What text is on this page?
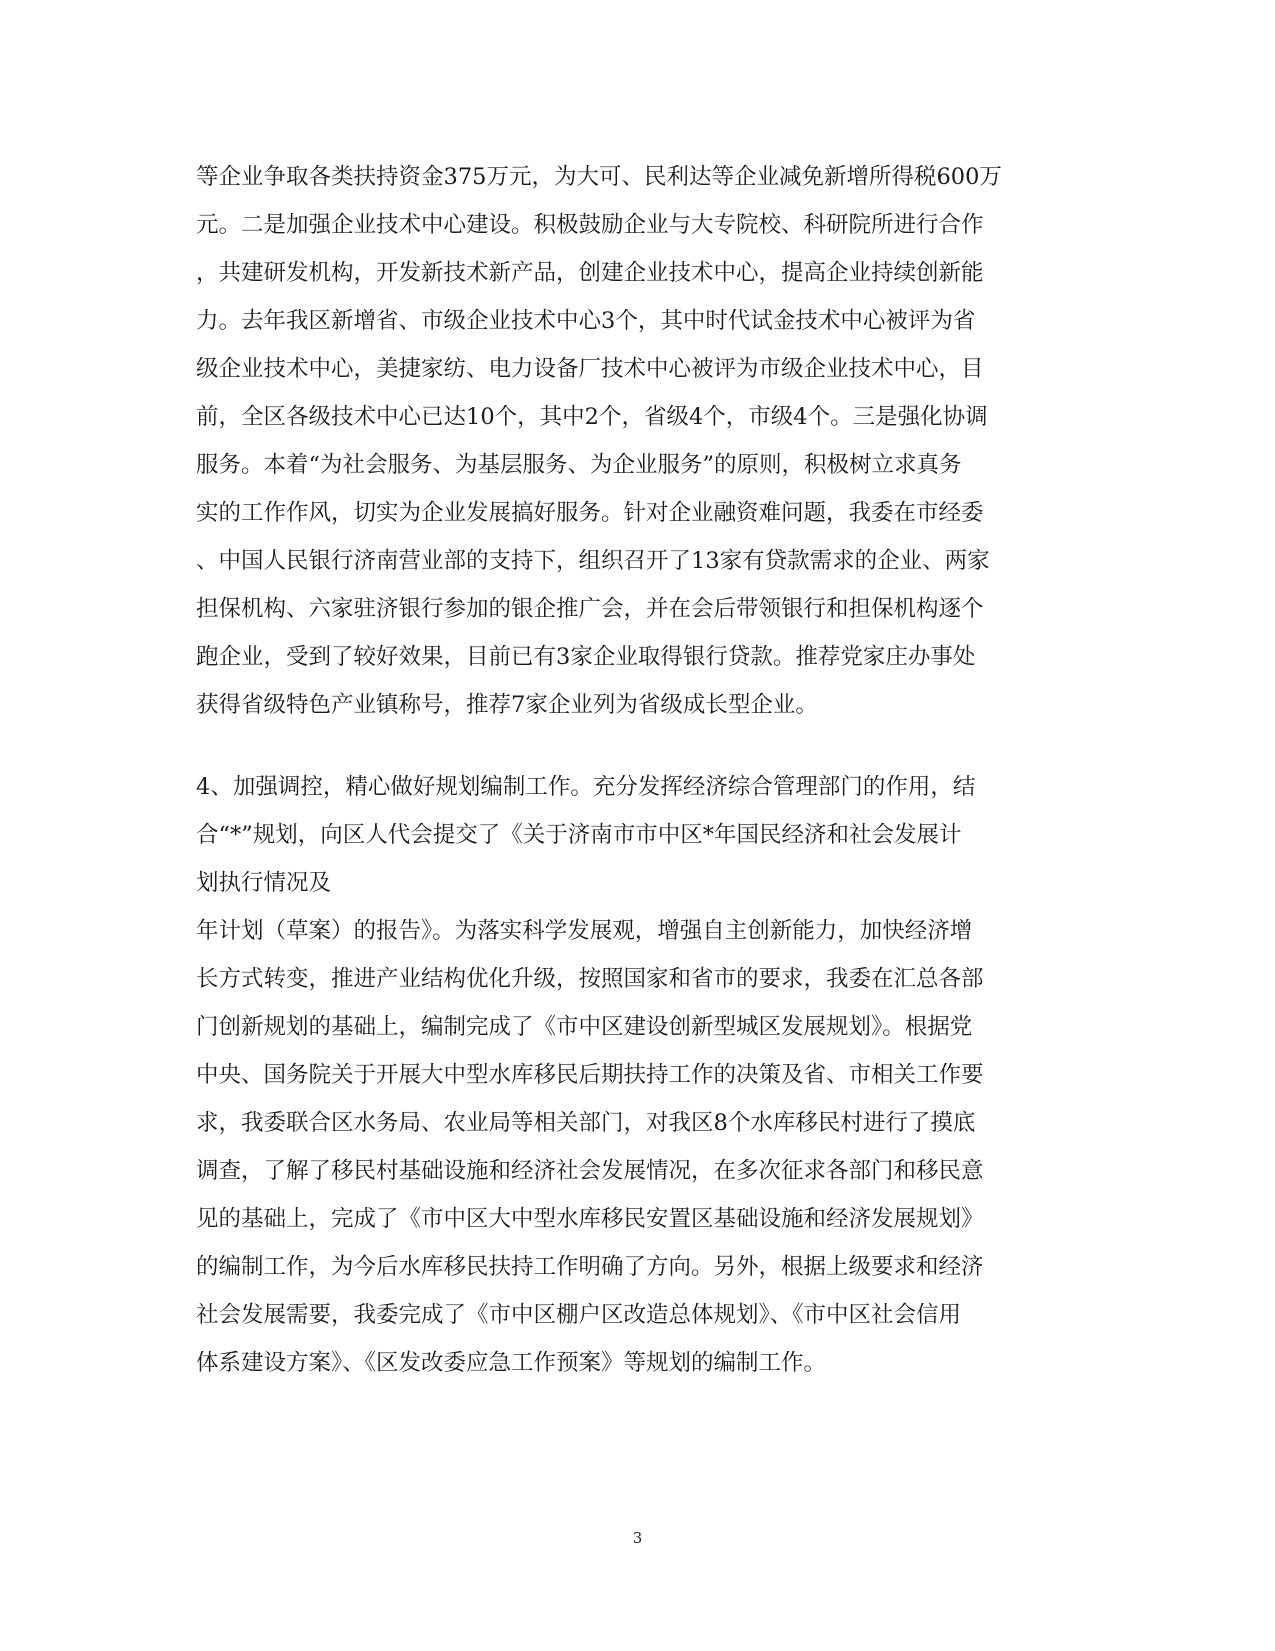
等企业争取各类扶持资金375万元，为大可、民利达等企业减免新增所得税600万
元。二是加强企业技术中心建设。积极鼓励企业与大专院校、科研院所进行合作
，共建研发机构，开发新技术新产品，创建企业技术中心，提高企业持续创新能
力。去年我区新增省、市级企业技术中心3个，其中时代试金技术中心被评为省
级企业技术中心，美捷家纺、电力设备厂技术中心被评为市级企业技术中心，目
前，全区各级技术中心已达10个，其中2个，省级4个，市级4个。三是强化协调
服务。本着“为社会服务、为基层服务、为企业服务”的原则，积极树立求真务
实的工作作风，切实为企业发展搞好服务。针对企业融资难问题，我委在市经委
、中国人民银行济南营业部的支持下，组织召开了13家有贷款需求的企业、两家
担保机构、六家驻济银行参加的银企推广会，并在会后带领银行和担保机构逐个
跑企业，受到了较好效果，目前已有3家企业取得银行贷款。推荐党家庄办事处
获得省级特色产业镇称号，推荐7家企业列为省级成长型企业。
4、加强调控，精心做好规划编制工作。充分发挥经济综合管理部门的作用，结
合“*”规划，向区人代会提交了《关于济南市市中区*年国民经济和社会发展计
划执行情况及
年计划（草案）的报告》。为落实科学发展观，增强自主创新能力，加快经济增
长方式转变，推进产业结构优化升级，按照国家和省市的要求，我委在汇总各部
门创新规划的基础上，编制完成了《市中区建设创新型城区发展规划》。根据党
中央、国务院关于开展大中型水库移民后期扶持工作的决策及省、市相关工作要
求，我委联合区水务局、农业局等相关部门，对我区8个水库移民村进行了摸底
调查，了解了移民村基础设施和经济社会发展情况，在多次征求各部门和移民意
见的基础上，完成了《市中区大中型水库移民安置区基础设施和经济发展规划》
的编制工作，为今后水库移民扶持工作明确了方向。另外，根据上级要求和经济
社会发展需要，我委完成了《市中区棚户区改造总体规划》、《市中区社会信用
体系建设方案》、《区发改委应急工作预案》等规划的编制工作。
3
